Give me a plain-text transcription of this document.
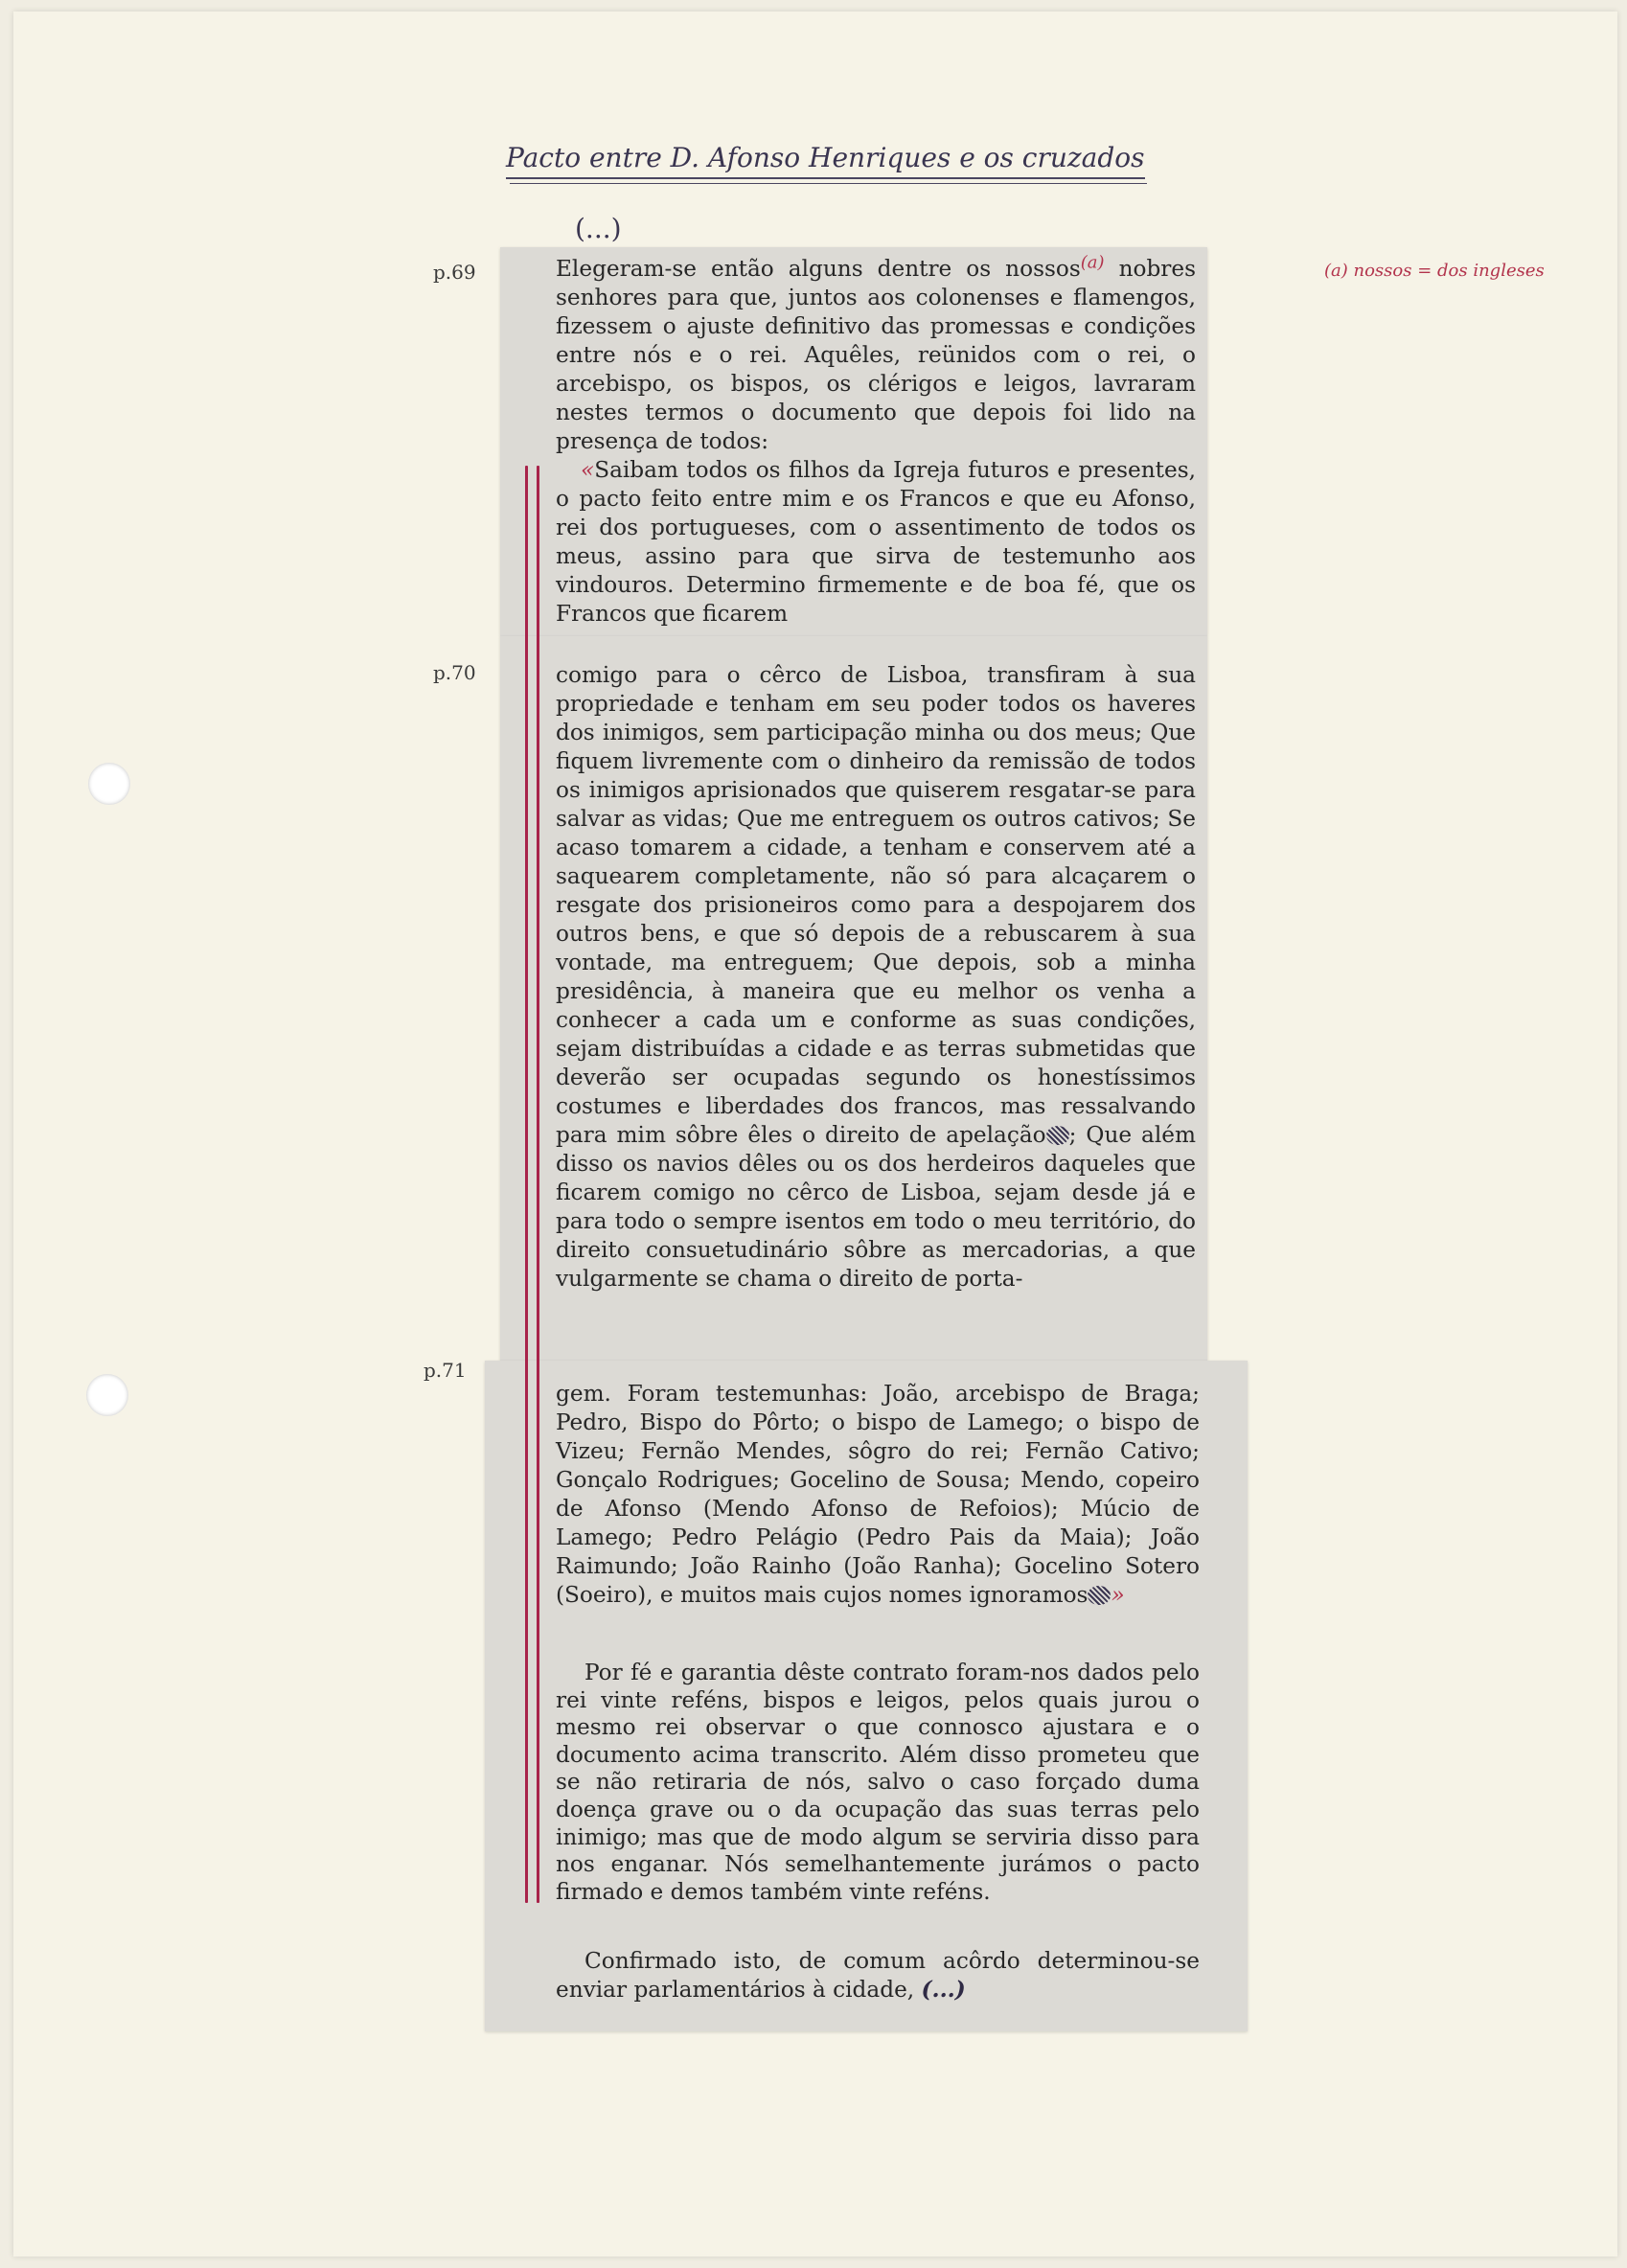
Pacto entre D. Afonso Henriques e os cruzados
(...)
(a) nossos = dos ingleses
p.69
p.70
p.71

Elegeram-se então alguns dentre os nossos$^{(a)}$ nobres senhores para que, juntos aos colonenses e flamengos, fizessem o ajuste definitivo das promessas e condições entre nós e o rei. Aquêles, reünidos com o rei, o arcebispo, os bispos, os clérigos e leigos, lavraram nestes termos o documento que depois foi lido na presença de todos:

«Saibam todos os filhos da Igreja futuros e presentes, o pacto feito entre mim e os Francos e que eu Afonso, rei dos portugueses, com o assentimento de todos os meus, assino para que sirva de testemunho aos vindouros. Determino firmemente e de boa fé, que os Francos que ficarem

comigo para o cêrco de Lisboa, transfiram à sua propriedade e tenham em seu poder todos os haveres dos inimigos, sem participação minha ou dos meus; Que fiquem livremente com o dinheiro da remissão de todos os inimigos aprisionados que quiserem resgatar-se para salvar as vidas; Que me entreguem os outros cativos; Se acaso tomarem a cidade, a tenham e conservem até a saquearem completamente, não só para alcaçarem o resgate dos prisioneiros como para a despojarem dos outros bens, e que só depois de a rebuscarem à sua vontade, ma entreguem; Que depois, sob a minha presidência, à maneira que eu melhor os venha a conhecer a cada um e conforme as suas condições, sejam distribuídas a cidade e as terras submetidas que deverão ser ocupadas segundo os honestíssimos costumes e liberdades dos francos, mas ressalvando para mim sôbre êles o direito de apelação ; Que além disso os navios dêles ou os dos herdeiros daqueles que ficarem comigo no cêrco de Lisboa, sejam desde já e para todo o sempre isentos em todo o meu território, do direito consuetudinário sôbre as mercadorias, a que vulgarmente se chama o direito de porta-

gem. Foram testemunhas: João, arcebispo de Braga; Pedro, Bispo do Pôrto; o bispo de Lamego; o bispo de Vizeu; Fernão Mendes, sôgro do rei; Fernão Cativo; Gonçalo Rodrigues; Gocelino de Sousa; Mendo, copeiro de Afonso (Mendo Afonso de Refoios); Múcio de Lamego; Pedro Pelágio (Pedro Pais da Maia); João Raimundo; João Rainho (João Ranha); Gocelino Sotero (Soeiro), e muitos mais cujos nomes ignoramos »

Por fé e garantia dêste contrato foram-nos dados pelo rei vinte reféns, bispos e leigos, pelos quais jurou o mesmo rei observar o que connosco ajustara e o documento acima transcrito. Além disso prometeu que se não retiraria de nós, salvo o caso forçado duma doença grave ou o da ocupação das suas terras pelo inimigo; mas que de modo algum se serviria disso para nos enganar. Nós semelhantemente jurámos o pacto firmado e demos também vinte reféns.

Confirmado isto, de comum acôrdo determinou-se enviar parlamentários à cidade, (...)
